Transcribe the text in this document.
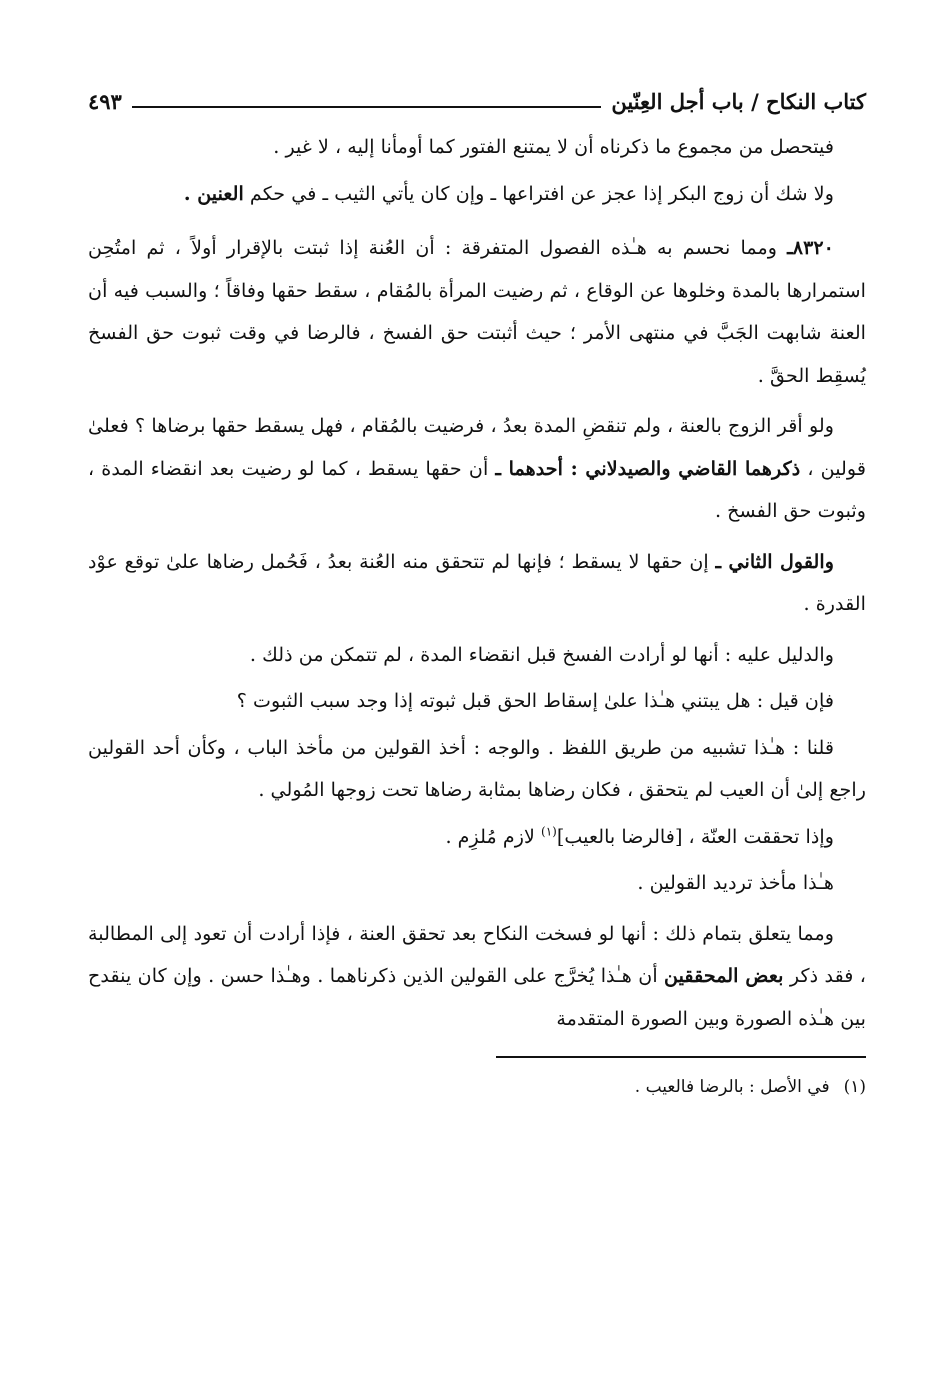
كتاب النكاح / باب أجل العِنّين
٤٩٣

فيتحصل من مجموع ما ذكرناه أن لا يمتنع الفتور كما أومأنا إليه ، لا غير .

ولا شك أن زوج البكر إذا عجز عن افتراعها ـ وإن كان يأتي الثيب ـ في حكم العنين .

٨٣٢٠ـ ومما نحسم به هـٰذه الفصول المتفرقة : أن العُنة إذا ثبتت بالإقرار أولاً ، ثم امتُحِن استمرارها بالمدة وخلوها عن الوقاع ، ثم رضيت المرأة بالمُقام ، سقط حقها وفاقاً ؛ والسبب فيه أن العنة شابهت الجَبَّ في منتهى الأمر ؛ حيث أثبتت حق الفسخ ، فالرضا في وقت ثبوت حق الفسخ يُسقِط الحقَّ .

ولو أقر الزوج بالعنة ، ولم تنقضِ المدة بعدُ ، فرضيت بالمُقام ، فهل يسقط حقها برضاها ؟ فعلىٰ قولين ، ذكرهما القاضي والصيدلاني : أحدهما ـ أن حقها يسقط ، كما لو رضيت بعد انقضاء المدة ، وثبوت حق الفسخ .

والقول الثاني ـ إن حقها لا يسقط ؛ فإنها لم تتحقق منه العُنة بعدُ ، فَحُمل رضاها علىٰ توقع عوْد القدرة .

والدليل عليه : أنها لو أرادت الفسخ قبل انقضاء المدة ، لم تتمكن من ذلك .

فإن قيل : هل يبتني هـٰذا علىٰ إسقاط الحق قبل ثبوته إذا وجد سبب الثبوت ؟

قلنا : هـٰذا تشبيه من طريق اللفظ . والوجه : أخذ القولين من مأخذ الباب ، وكأن أحد القولين راجع إلىٰ أن العيب لم يتحقق ، فكان رضاها بمثابة رضاها تحت زوجها المُولي .

وإذا تحققت العنّة ، [فالرضا بالعيب]$^{(١)}$ لازم مُلزِم .

هـٰذا مأخذ ترديد القولين .

ومما يتعلق بتمام ذلك : أنها لو فسخت النكاح بعد تحقق العنة ، فإذا أرادت أن تعود إلى المطالبة ، فقد ذكر بعض المحققين أن هـٰذا يُخرَّج على القولين الذين ذكرناهما . وهـٰذا حسن . وإن كان ينقدح بين هـٰذه الصورة وبين الصورة المتقدمة

(١)في الأصل : بالرضا فالعيب .
